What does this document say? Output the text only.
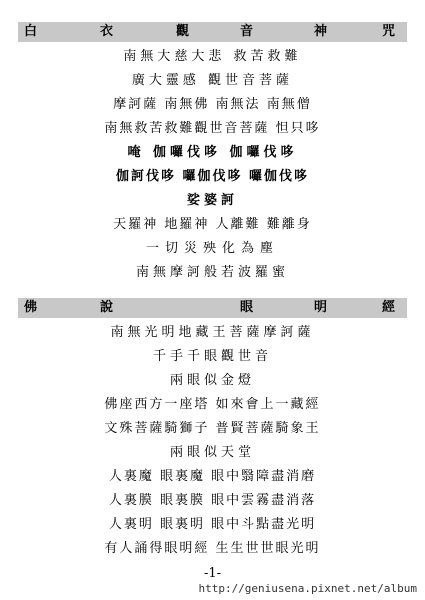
白	衣	觀	音	神	咒
南無大慈大悲 救苦救難
廣大靈感 觀世音菩薩
摩訶薩 南無佛 南無法 南無僧
南無救苦救難觀世音菩薩 怛只哆
唵 伽囉伐哆 伽囉伐哆
伽訶伐哆 囉伽伐哆 囉伽伐哆
娑婆訶
天羅神 地羅神 人離難 難離身
一切災殃化為塵
南無摩訶般若波羅蜜
佛	說	眼	明	經
南無光明地藏王菩薩摩訶薩
千手千眼觀世音
兩眼似金燈
佛座西方一座塔 如來會上一藏經
文殊菩薩騎獅子 普賢菩薩騎象王
兩眼似天堂
人裏魔 眼裏魔 眼中翳障盡消磨
人裏膜 眼裏膜 眼中雲霧盡消落
人裏明 眼裏明 眼中斗點盡光明
有人誦得眼明經 生生世世眼光明
-1-
http://geniusena.pixnet.net/album
